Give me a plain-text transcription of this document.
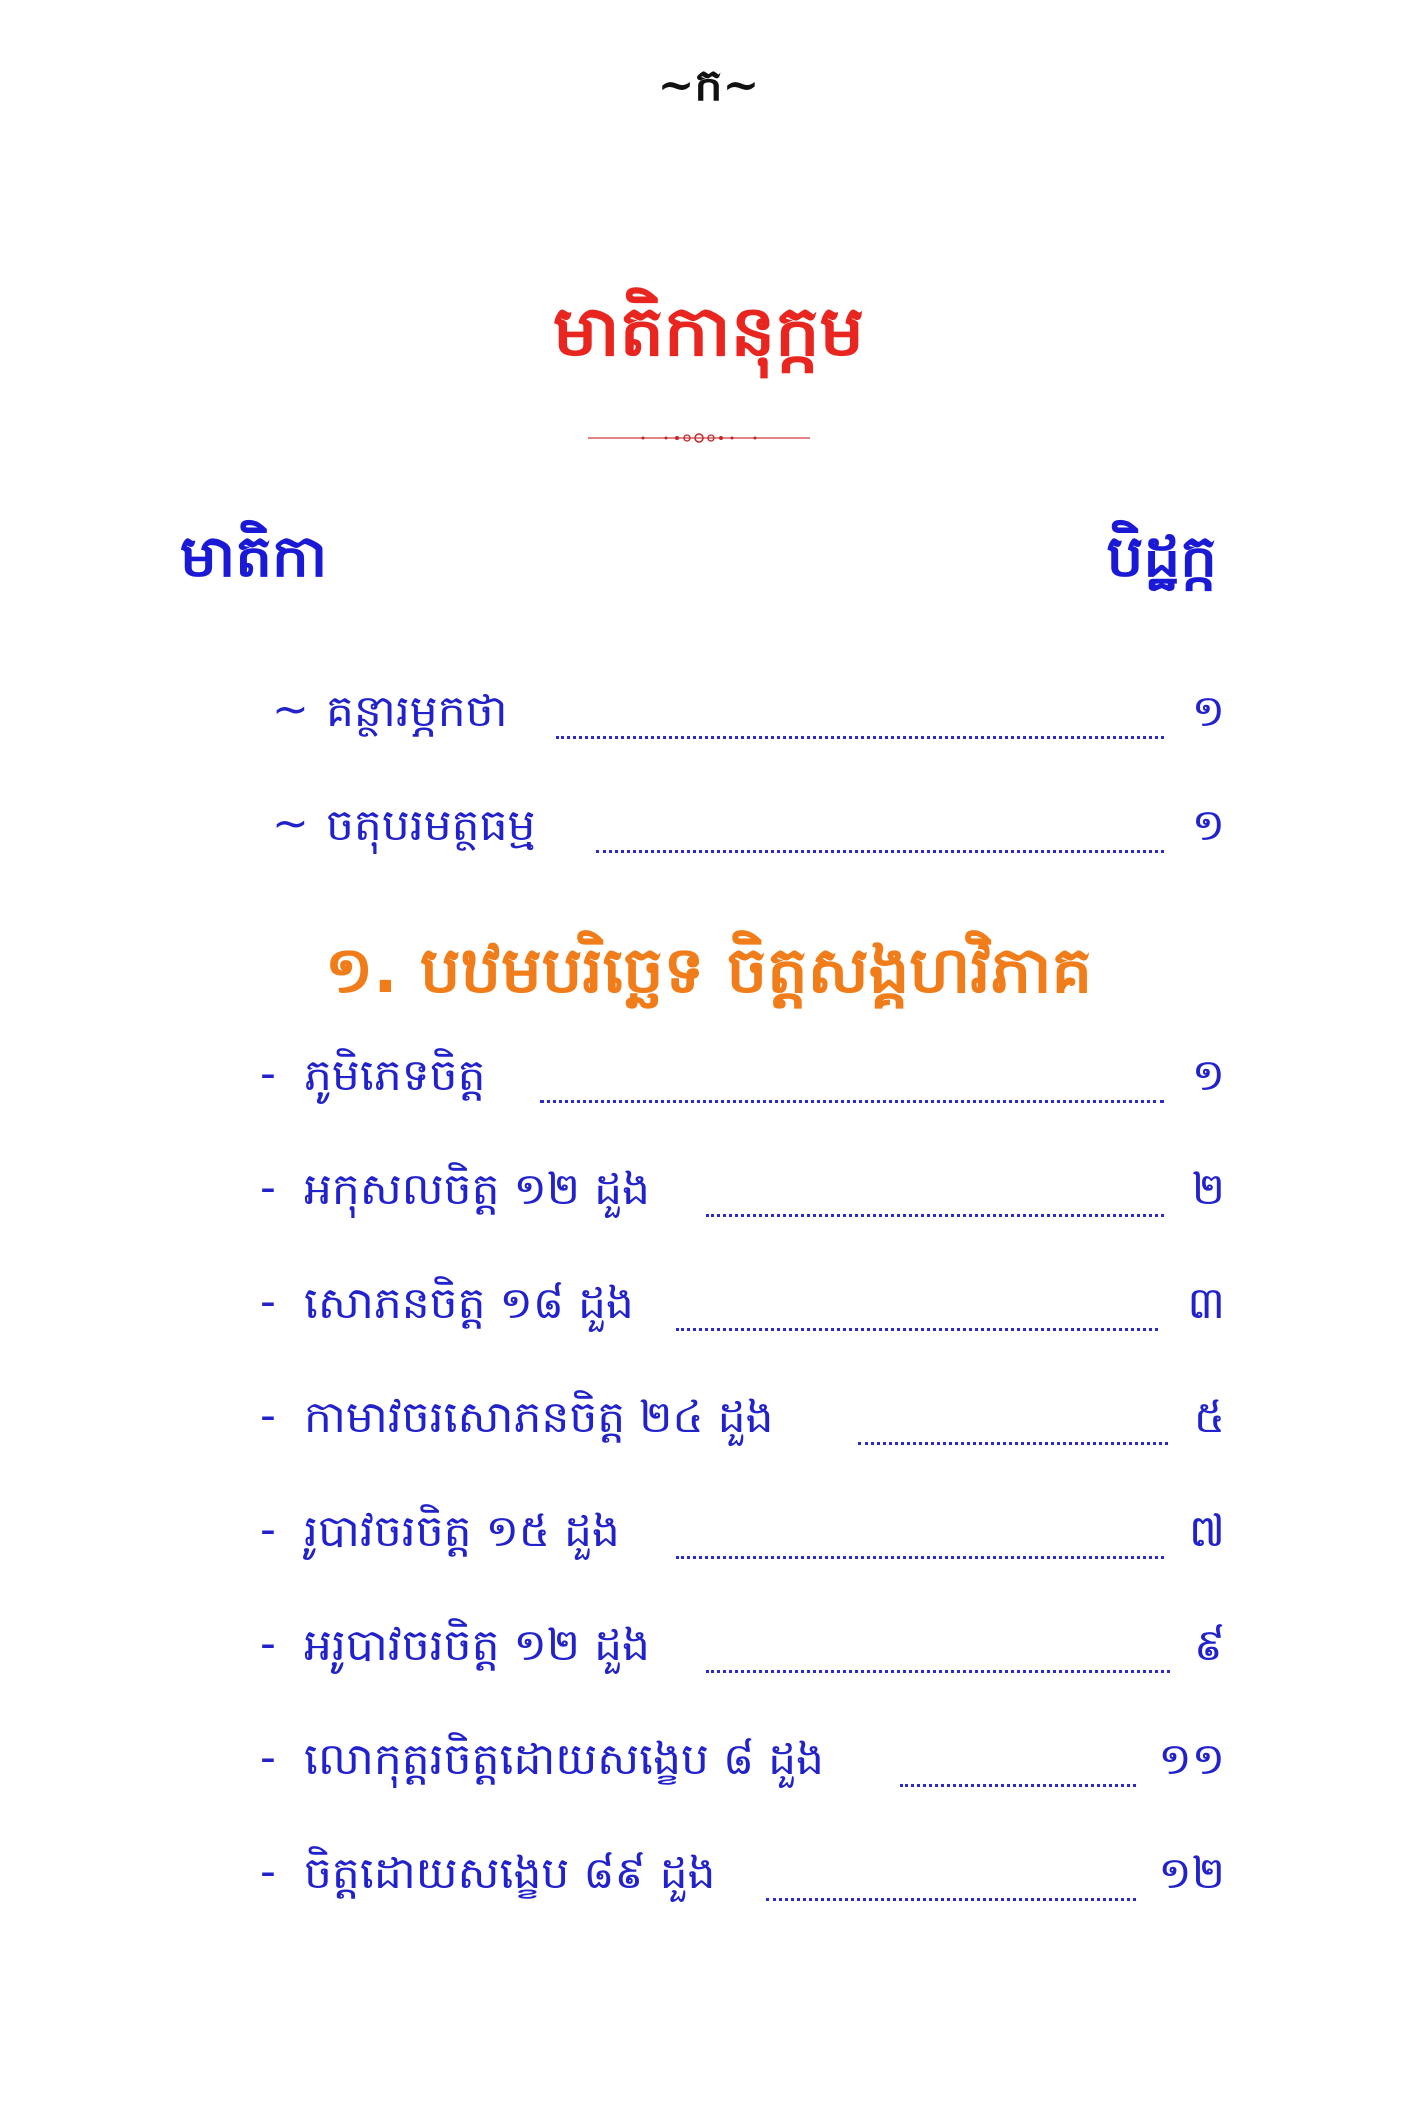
~ក~
មាតិកានុក្កម
មាតិកា	បិដ្ឋក្ក
~ គន្ថារម្ភកថា	១
~ ចតុបរមត្ថធម្ម	១
១. បឋមបរិច្ឆេទ ចិត្តសង្គហវិភាគ
- ភូមិភេទចិត្ត	១
- អកុសលចិត្ត ១២ ដួង	២
- សោភនចិត្ត ១៨ ដួង	៣
- កាមាវចរសោភនចិត្ត ២៤ ដួង	៥
- រូបាវចរចិត្ត ១៥ ដួង	៧
- អរូបាវចរចិត្ត ១២ ដួង	៩
- លោកុត្តរចិត្តដោយសង្ខេប ៨ ដួង	១១
- ចិត្តដោយសង្ខេប ៨៩ ដួង	១២
